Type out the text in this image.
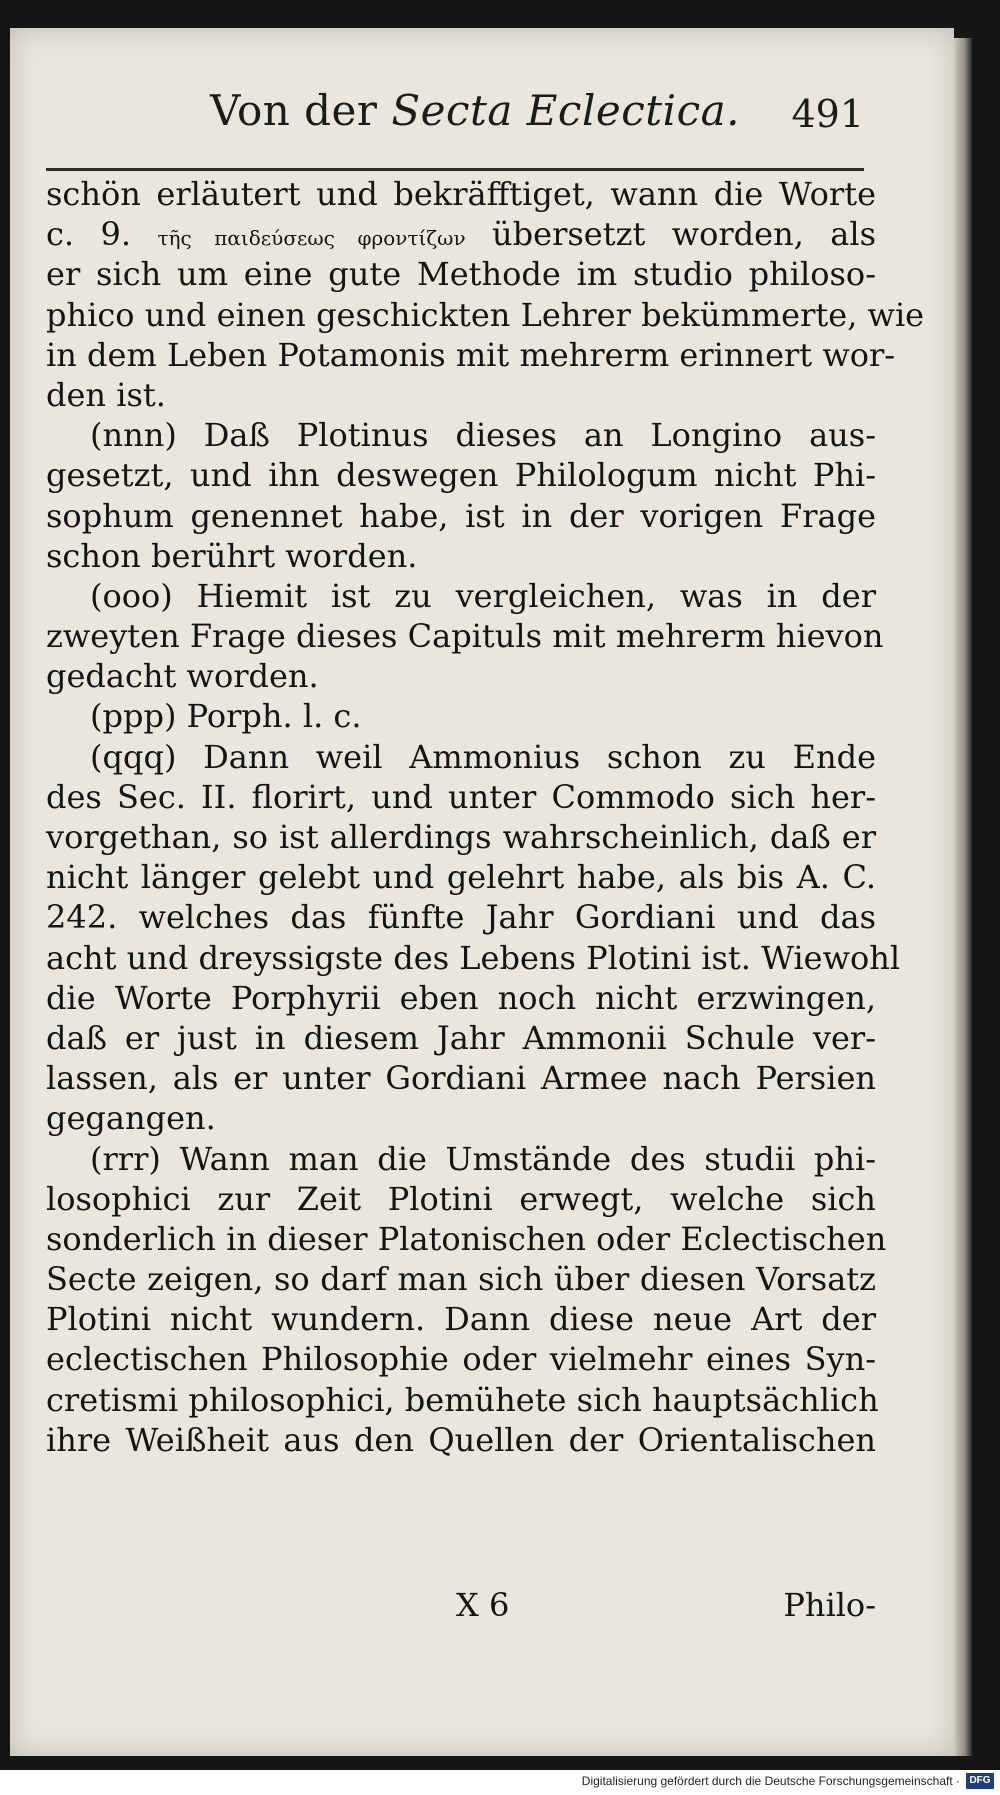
Von der Secta Eclectica. 491
schön erläutert und bekräfftiget, wann die Worte
c. 9. τῆς παιδεύσεως φροντίζων übersetzt worden, als
er sich um eine gute Methode im studio philoso-
phico und einen geschickten Lehrer bekümmerte, wie
in dem Leben Potamonis mit mehrerm erinnert wor-
den ist.
(nnn) Daß Plotinus dieses an Longino aus-
gesetzt, und ihn deswegen Philologum nicht Phi-
sophum genennet habe, ist in der vorigen Frage
schon berührt worden.
(ooo) Hiemit ist zu vergleichen, was in der
zweyten Frage dieses Capituls mit mehrerm hievon
gedacht worden.
(ppp) Porph. l. c.
(qqq) Dann weil Ammonius schon zu Ende
des Sec. II. florirt, und unter Commodo sich her-
vorgethan, so ist allerdings wahrscheinlich, daß er
nicht länger gelebt und gelehrt habe, als bis A. C.
242. welches das fünfte Jahr Gordiani und das
acht und dreyssigste des Lebens Plotini ist. Wiewohl
die Worte Porphyrii eben noch nicht erzwingen,
daß er just in diesem Jahr Ammonii Schule ver-
lassen, als er unter Gordiani Armee nach Persien
gegangen.
(rrr) Wann man die Umstände des studii phi-
losophici zur Zeit Plotini erwegt, welche sich
sonderlich in dieser Platonischen oder Eclectischen
Secte zeigen, so darf man sich über diesen Vorsatz
Plotini nicht wundern. Dann diese neue Art der
eclectischen Philosophie oder vielmehr eines Syn-
cretismi philosophici, bemühete sich hauptsächlich
ihre Weißheit aus den Quellen der Orientalischen
X 6	Philo-
Digitalisierung gefördert durch die Deutsche Forschungsgemeinschaft · DFG
